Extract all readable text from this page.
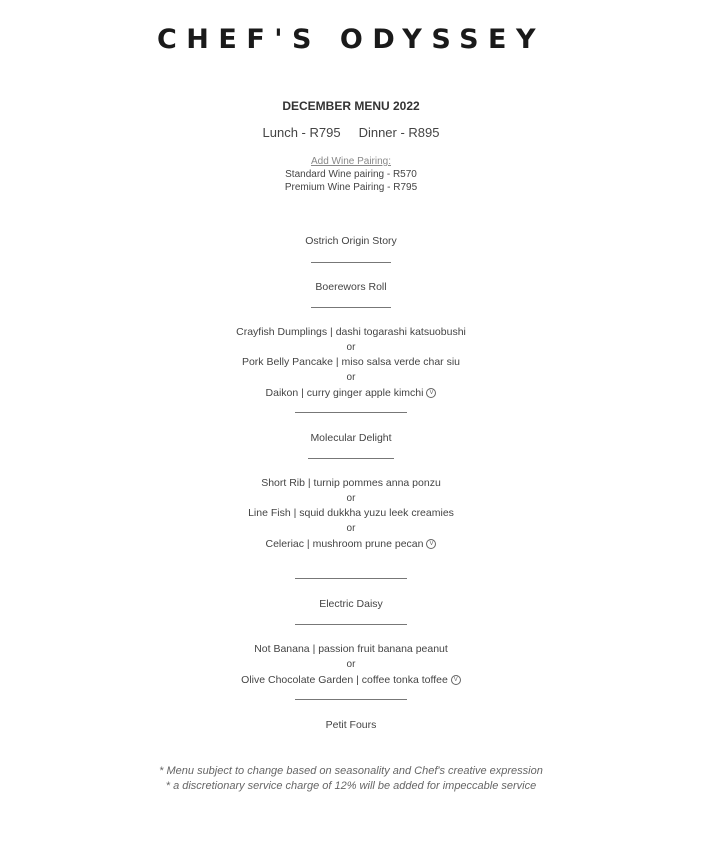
CHEF'S ODYSSEY
DECEMBER MENU 2022
Lunch - R795 Dinner - R895
Add Wine Pairing:
Standard Wine pairing - R570
Premium Wine Pairing - R795
Ostrich Origin Story
Boerewors Roll
Crayfish Dumplings | dashi togarashi katsuobushi
or
Pork Belly Pancake | miso salsa verde char siu
or
Daikon | curry ginger apple kimchi V
Molecular Delight
Short Rib | turnip pommes anna ponzu
or
Line Fish | squid dukkha yuzu leek creamies
or
Celeriac | mushroom prune pecan V
Electric Daisy
Not Banana | passion fruit banana peanut
or
Olive Chocolate Garden | coffee tonka toffee V
Petit Fours
* Menu subject to change based on seasonality and Chef's creative expression
* a discretionary service charge of 12% will be added for impeccable service
